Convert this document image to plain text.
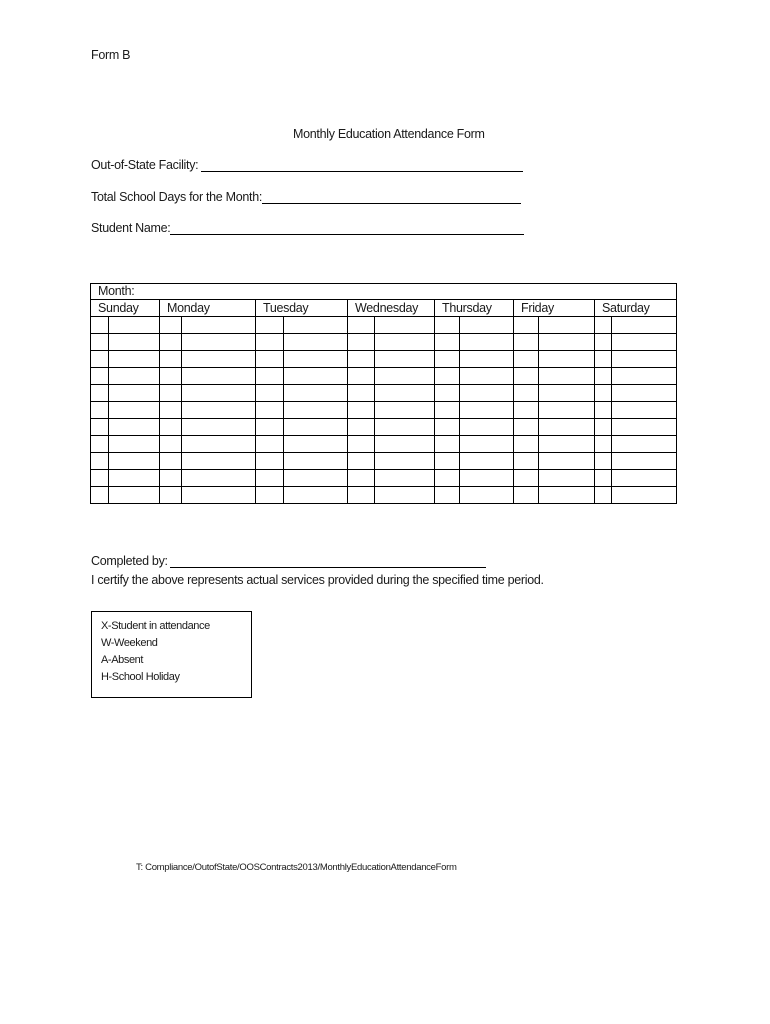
Form B
Monthly Education Attendance Form
Out-of-State Facility:
Total School Days for the Month:
Student Name:
Month:													
Sunday		Monday		Tuesday		Wednesday		Thursday		Friday		Saturday	

Completed by:
I certify the above represents actual services provided during the specified time period.
X-Student in attendance
W-Weekend
A-Absent
H-School Holiday
T: Compliance/OutofState/OOSContracts2013/MonthlyEducationAttendanceForm
